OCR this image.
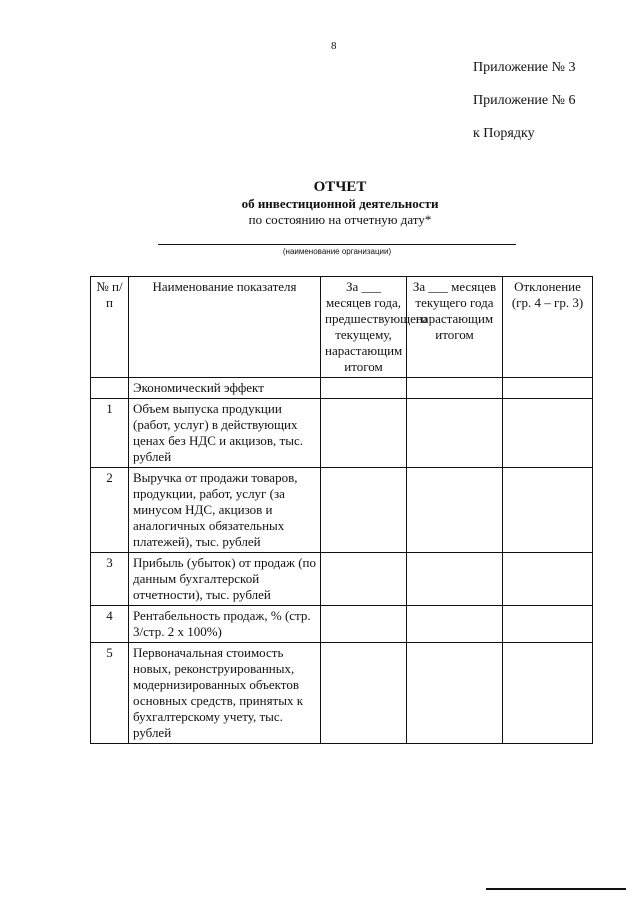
8
Приложение № 3
Приложение № 6
к Порядку
ОТЧЕТ
об инвестиционной деятельности
по состоянию на отчетную дату*
(наименование организации)
№ п/п	Наименование показателя	За ___ месяцев года, предшествующего текущему, нарастающим итогом	За ___ месяцев текущего года нарастающим итогом	Отклонение (гр. 4 – гр. 3)
	Экономический эффект			
1	Объем выпуска продукции (работ, услуг) в действующих ценах без НДС и акцизов, тыс. рублей			
2	Выручка от продажи товаров, продукции, работ, услуг (за минусом НДС, акцизов и аналогичных обязательных платежей), тыс. рублей			
3	Прибыль (убыток) от продаж (по данным бухгалтерской отчетности), тыс. рублей			
4	Рентабельность продаж, % (стр. 3/стр. 2 х 100%)			
5	Первоначальная стоимость новых, реконструированных, модернизированных объектов основных средств, принятых к бухгалтерскому учету, тыс. рублей			
